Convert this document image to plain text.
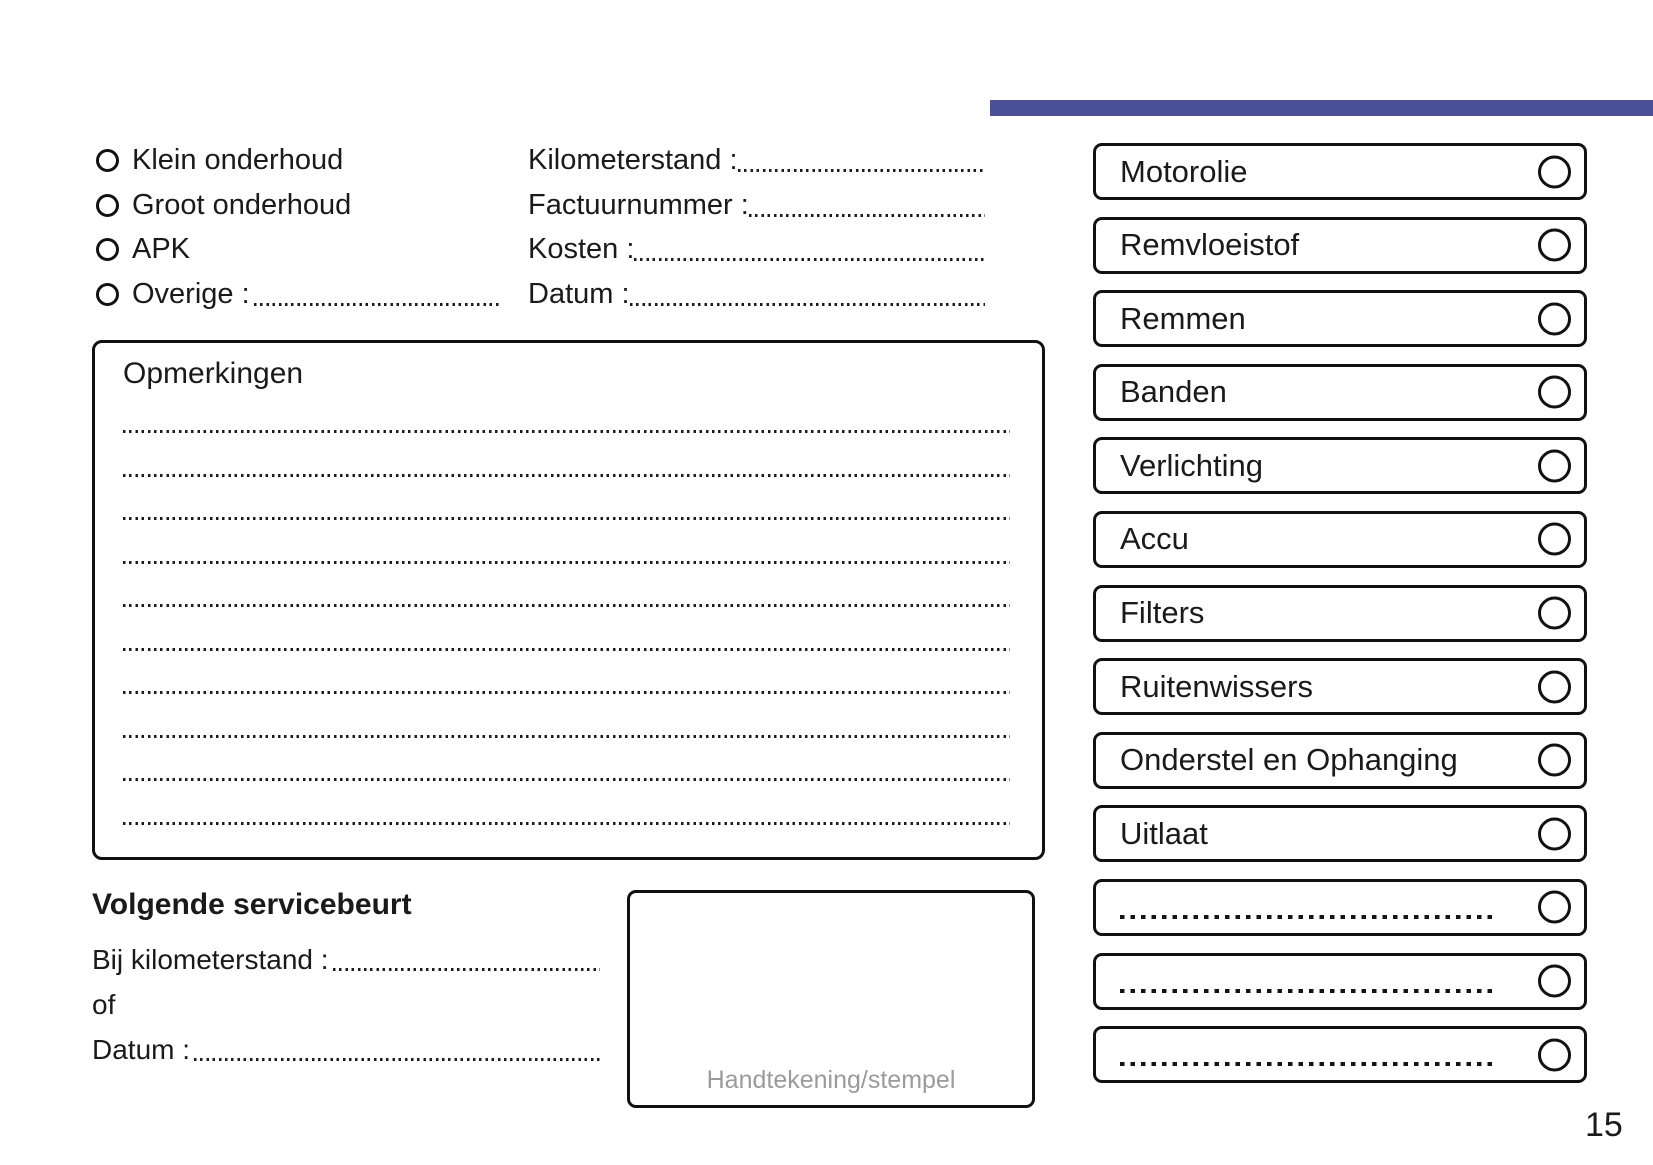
Klein onderhoud
Groot onderhoud
APK
Overige :
Kilometerstand :
Factuurnummer :
Kosten :
Datum :
Opmerkingen
Motorolie
Remvloeistof
Remmen
Banden
Verlichting
Accu
Filters
Ruitenwissers
Onderstel en Ophanging
Uitlaat
Volgende servicebeurt
Bij kilometerstand :
of
Datum :
Handtekening/stempel
15
